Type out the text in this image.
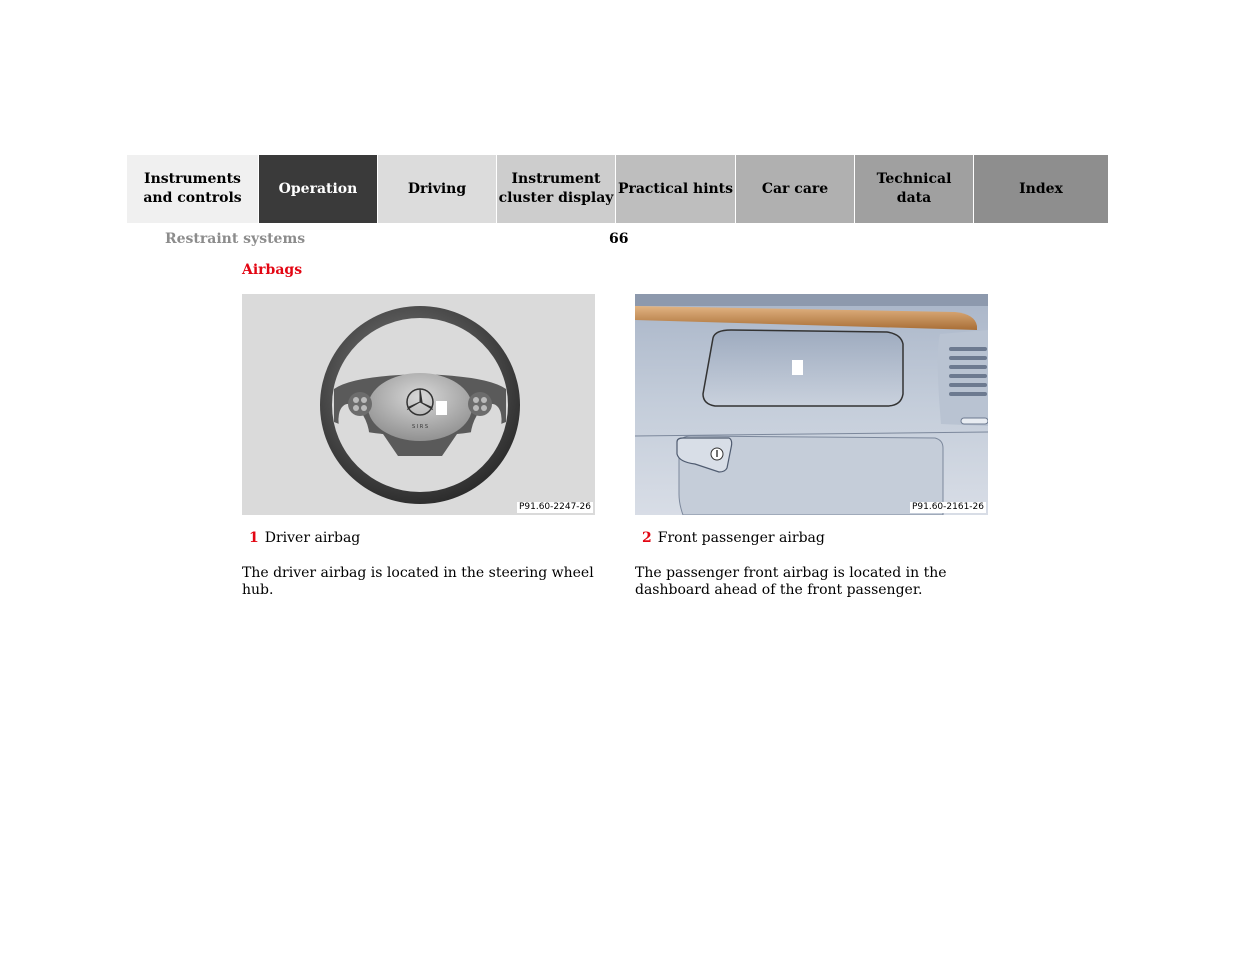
Instruments
and controls
Operation	Driving
Instrument
cluster display
Practical hints Car care
Technical
data
Index
Restraint systems	66
Airbags
S I R S
P91.60-2247-26	P91.60-2161-26
1 Driver airbag	2 Front passenger airbag
The driver airbag is located in the steering wheel hub.
The passenger front airbag is located in the dashboard ahead of the front passenger.
